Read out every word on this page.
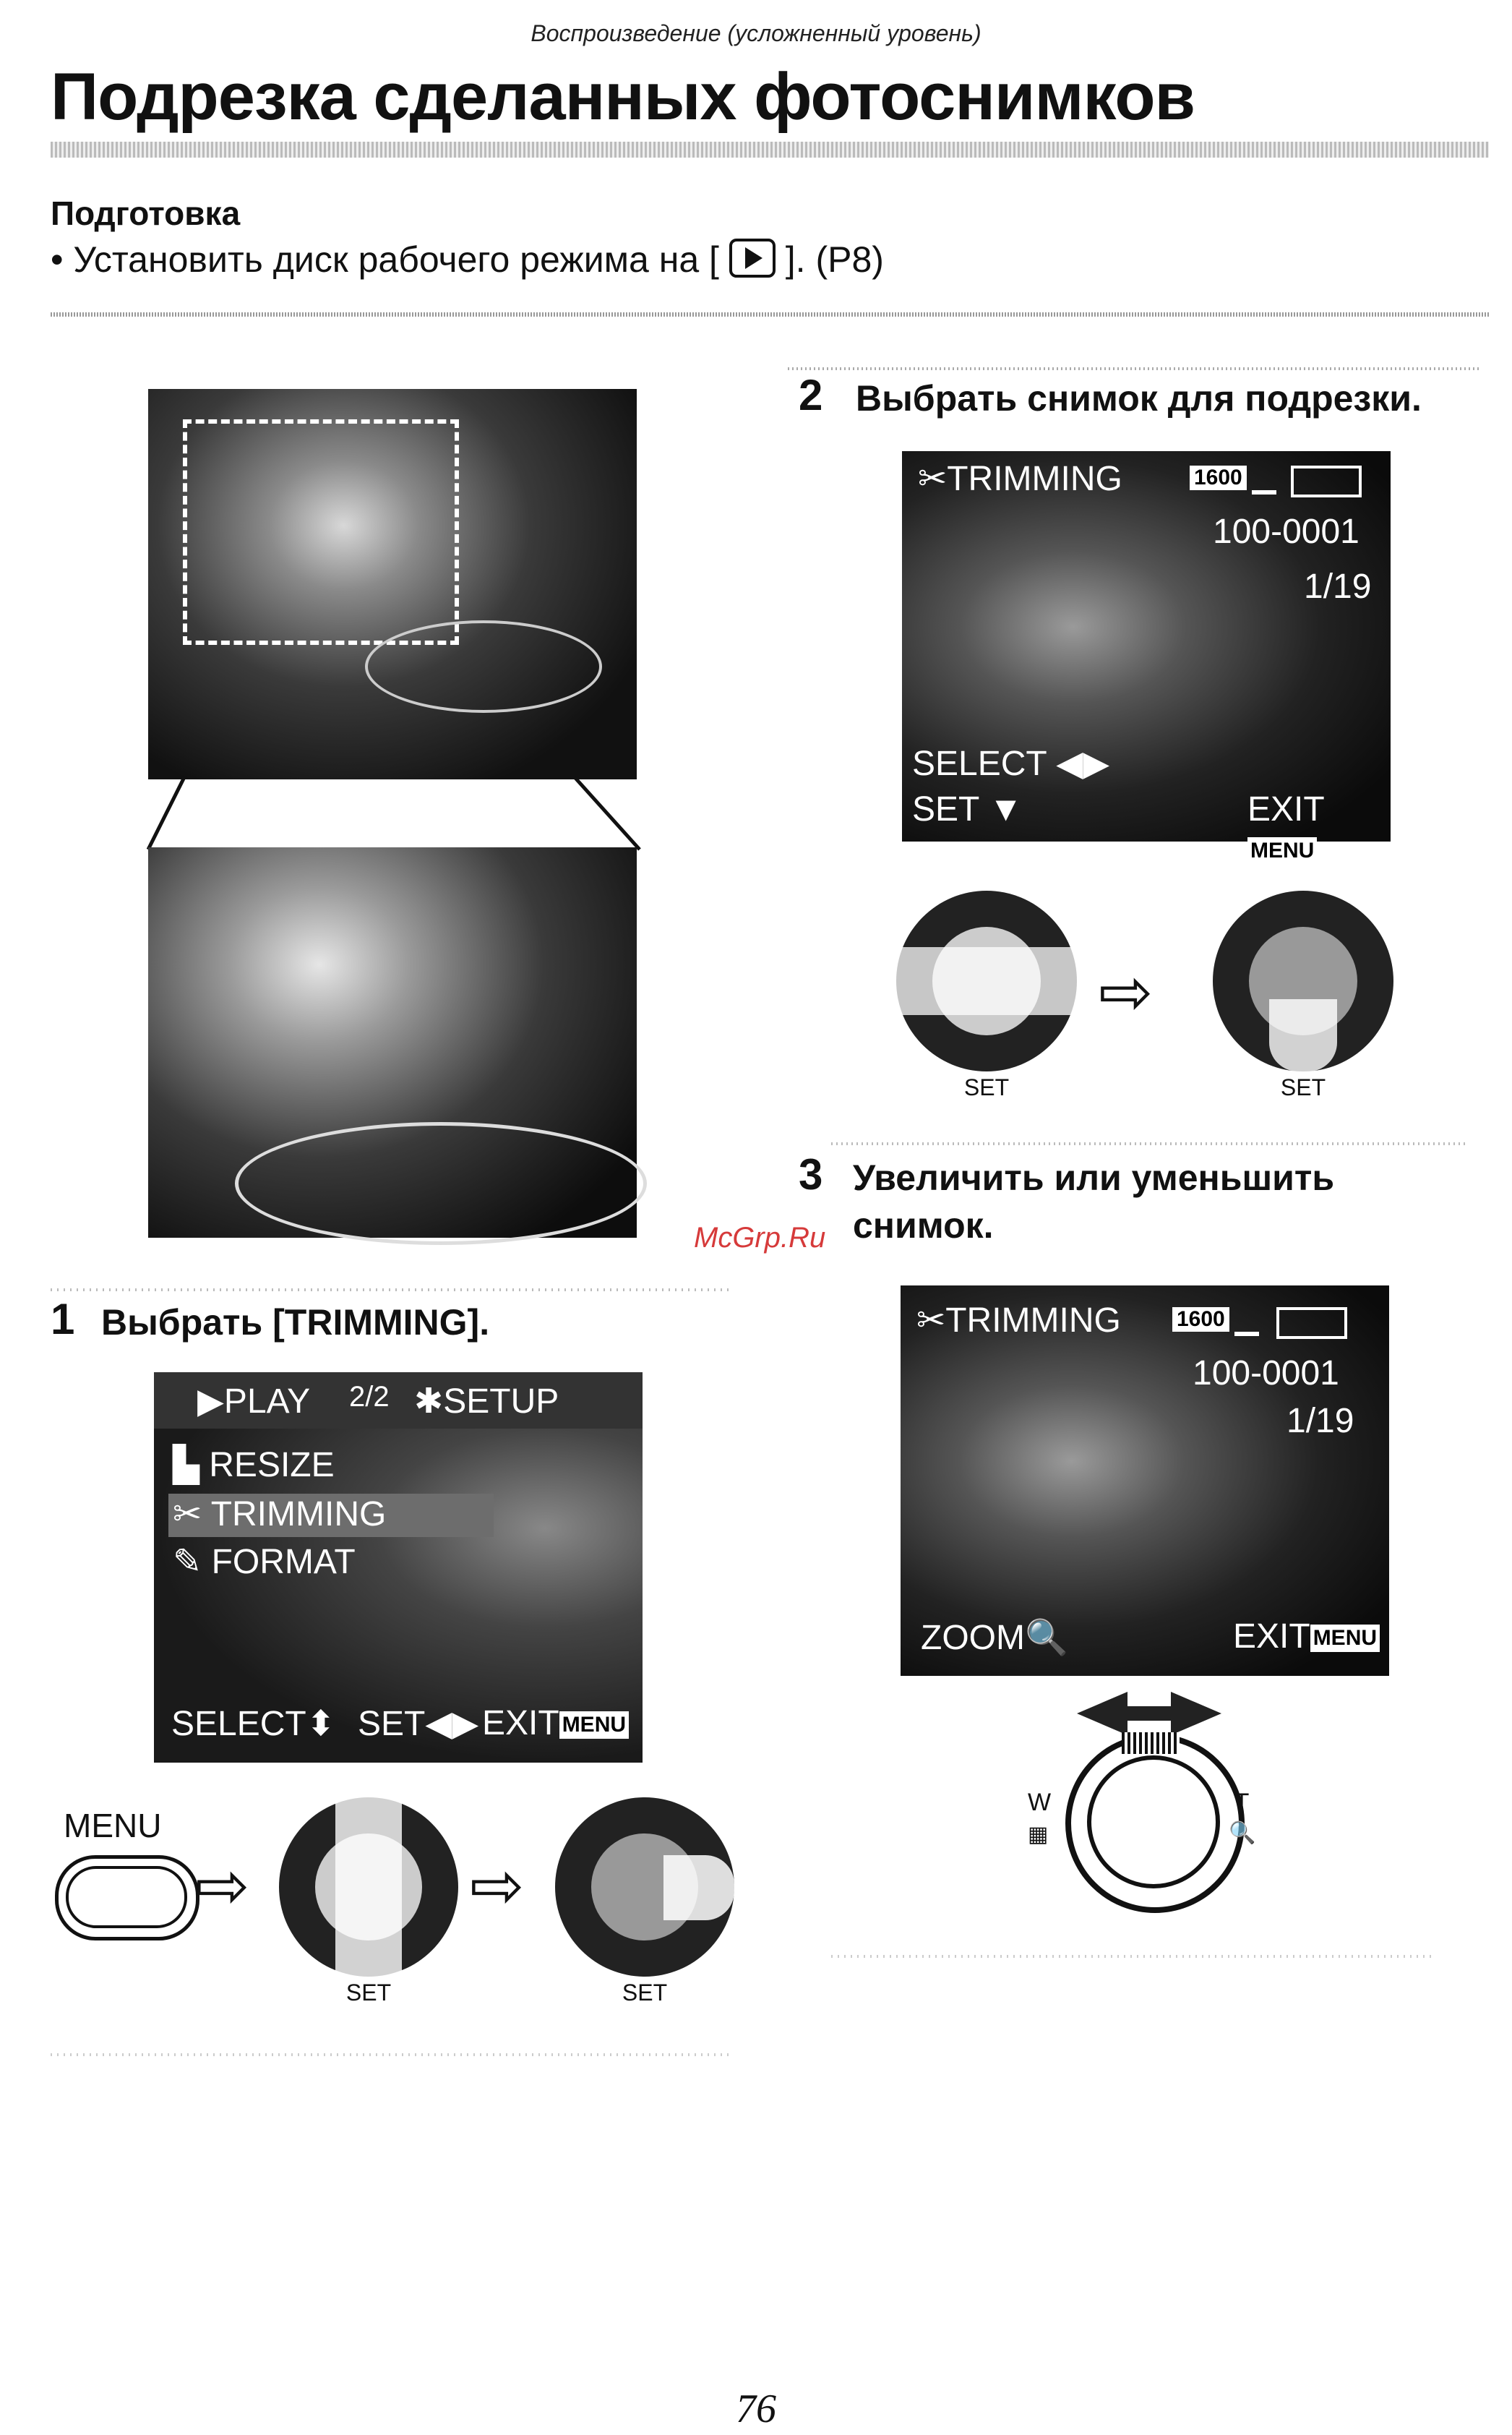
Воспроизведение (усложненный уровень)
Подрезка сделанных фотоснимков
Подготовка
• Установить диск рабочего режима на [ ]. (P8)
2 Выбрать снимок для подрезки.
✂TRIMMING	1600
100-0001
1/19
SELECT ◀▶
SET ▼	EXITMENU
SET
⇨
SET
3 Увеличить или уменьшить
снимок.
McGrp.Ru
✂TRIMMING	1600
100-0001
1/19
ZOOM🔍	EXIT MENU
W
▦
T
🔍
1 Выбрать [TRIMMING].
▶PLAY 2/2 ✱SETUP
▙ RESIZE
✂ TRIMMING
✎ FORMAT
SELECT⬍ SET◀▶ EXIT MENU
MENU
⇨
SET
⇨
SET
76
